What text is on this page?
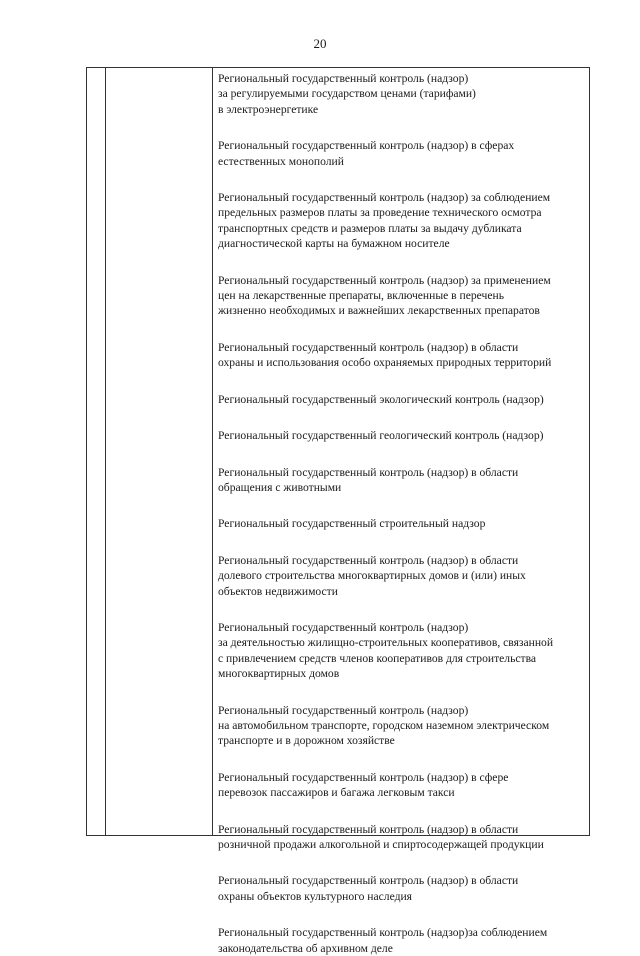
20

Региональный государственный контроль (надзор)

за регулируемыми государством ценами (тарифами)

в электроэнергетике

Региональный государственный контроль (надзор) в сферах

естественных монополий

Региональный государственный контроль (надзор) за соблюдением

предельных размеров платы за проведение технического осмотра

транспортных средств и размеров платы за выдачу дубликата

диагностической карты на бумажном носителе

Региональный государственный контроль (надзор) за применением

цен на лекарственные препараты, включенные в перечень

жизненно необходимых и важнейших лекарственных препаратов

Региональный государственный контроль (надзор) в области

охраны и использования особо охраняемых природных территорий

Региональный государственный экологический контроль (надзор)

Региональный государственный геологический контроль (надзор)

Региональный государственный контроль (надзор) в области

обращения с животными

Региональный государственный строительный надзор

Региональный государственный контроль (надзор) в области

долевого строительства многоквартирных домов и (или) иных

объектов недвижимости

Региональный государственный контроль (надзор)

за деятельностью жилищно-строительных кооперативов, связанной

с привлечением средств членов кооперативов для строительства

многоквартирных домов

Региональный государственный контроль (надзор)

на автомобильном транспорте, городском наземном электрическом

транспорте и в дорожном хозяйстве

Региональный государственный контроль (надзор) в сфере

перевозок пассажиров и багажа легковым такси

Региональный государственный контроль (надзор) в области

розничной продажи алкогольной и спиртосодержащей продукции

Региональный государственный контроль (надзор) в области

охраны объектов культурного наследия

Региональный государственный контроль (надзор)за соблюдением

законодательства об архивном деле
